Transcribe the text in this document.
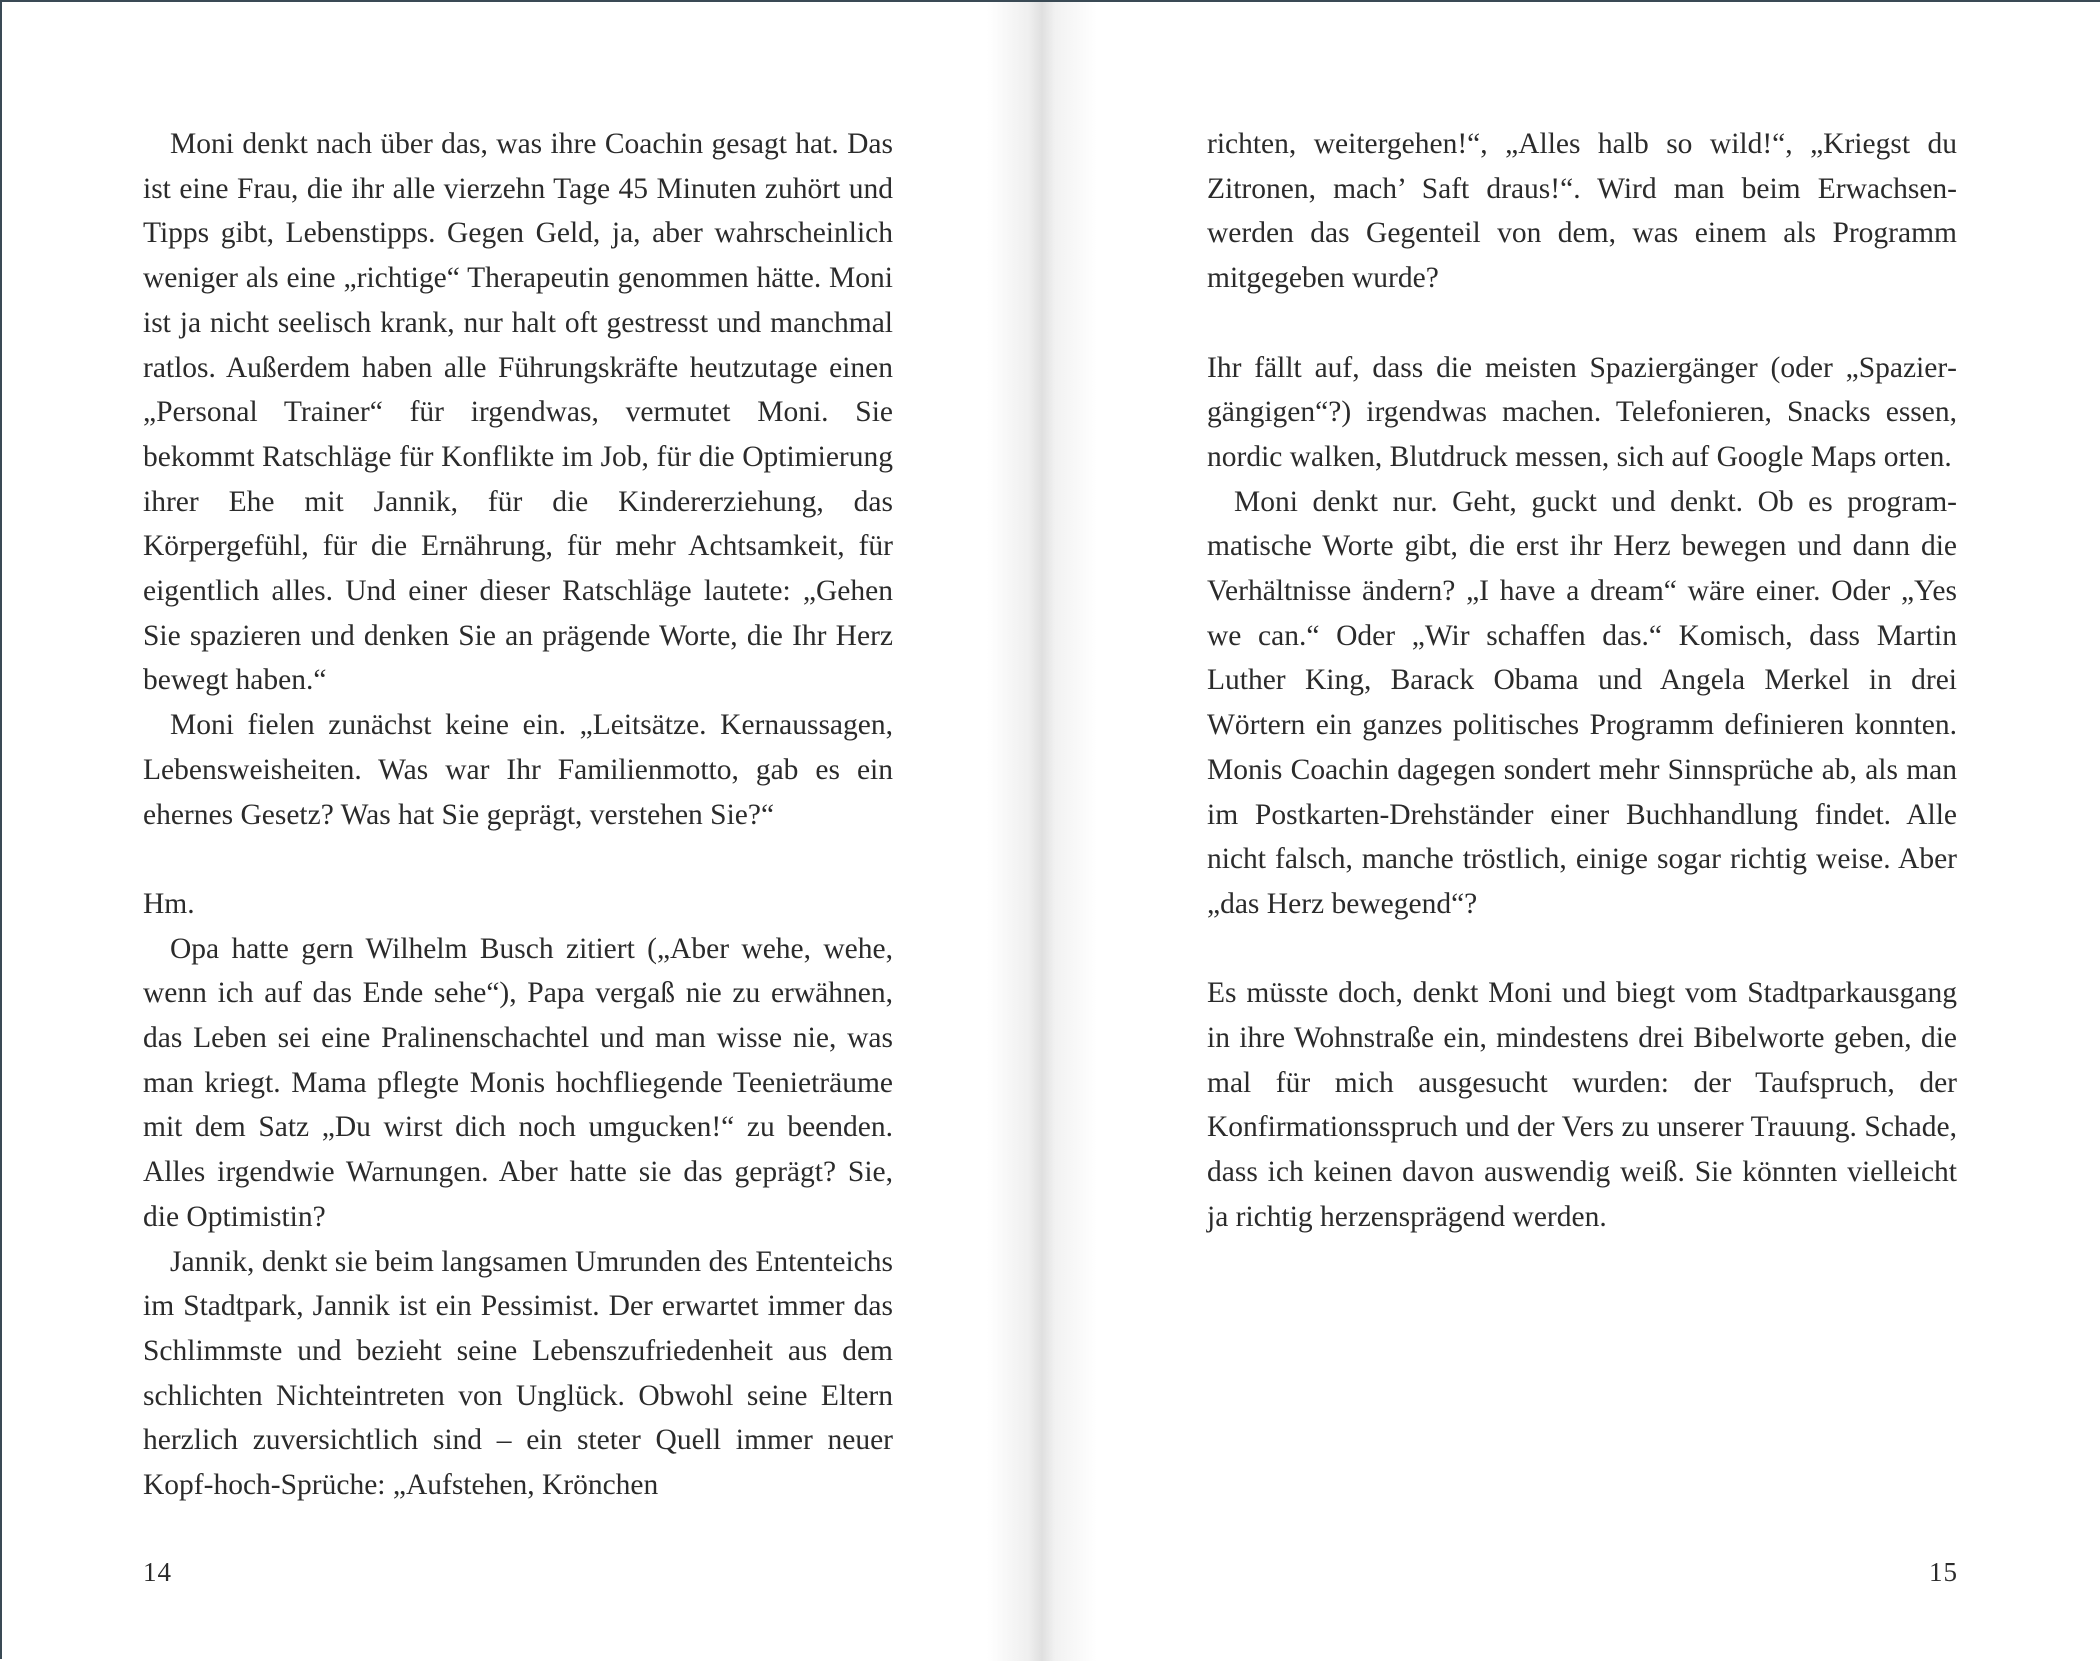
Moni denkt nach über das, was ihre Coachin gesagt hat. Das ist eine Frau, die ihr alle vierzehn Tage 45 Minuten zuhört und Tipps gibt, Lebenstipps. Gegen Geld, ja, aber wahrscheinlich weniger als eine „richtige“ Therapeutin genommen hätte. Moni ist ja nicht seelisch krank, nur halt oft gestresst und manchmal ratlos. Außerdem haben alle Führungskräfte heutzutage einen „Personal Trainer“ für irgendwas, vermutet Moni. Sie bekommt Ratschläge für Konflikte im Job, für die Optimierung ihrer Ehe mit Jannik, für die Kindererziehung, das Körpergefühl, für die Ernährung, für mehr Achtsamkeit, für eigentlich alles. Und einer dieser Ratschläge lautete: „Gehen Sie spazieren und denken Sie an prägende Worte, die Ihr Herz bewegt haben.“

Moni fielen zunächst keine ein. „Leitsätze. Kernaussagen, Lebensweisheiten. Was war Ihr Familienmotto, gab es ein ehernes Gesetz? Was hat Sie geprägt, verstehen Sie?“

Hm.

Opa hatte gern Wilhelm Busch zitiert („Aber wehe, wehe, wenn ich auf das Ende sehe“), Papa vergaß nie zu erwähnen, das Leben sei eine Pralinenschachtel und man wisse nie, was man kriegt. Mama pflegte Monis hochfliegende Teenieträume mit dem Satz „Du wirst dich noch umgucken!“ zu beenden. Alles irgendwie Warnungen. Aber hatte sie das geprägt? Sie, die Optimistin?

Jannik, denkt sie beim langsamen Umrunden des Ententeichs im Stadtpark, Jannik ist ein Pessimist. Der erwartet immer das Schlimmste und bezieht seine Lebenszufriedenheit aus dem schlichten Nichteintreten von Unglück. Obwohl seine Eltern herzlich zuversichtlich sind – ein steter Quell immer neuer Kopf-hoch-Sprüche: „Aufstehen, Krönchen

14

richten, weitergehen!“, „Alles halb so wild!“, „Kriegst du Zitronen, mach’ Saft draus!“. Wird man beim Erwachsenwerden das Gegenteil von dem, was einem als Programm mitgegeben wurde?

Ihr fällt auf, dass die meisten Spaziergänger (oder „Spaziergängigen“?) irgendwas machen. Telefonieren, Snacks essen, nordic walken, Blutdruck messen, sich auf Google Maps orten.

Moni denkt nur. Geht, guckt und denkt. Ob es programmatische Worte gibt, die erst ihr Herz bewegen und dann die Verhältnisse ändern? „I have a dream“ wäre einer. Oder „Yes we can.“ Oder „Wir schaffen das.“ Komisch, dass Martin Luther King, Barack Obama und Angela Merkel in drei Wörtern ein ganzes politisches Programm definieren konnten. Monis Coachin dagegen sondert mehr Sinnsprüche ab, als man im Postkarten-Drehständer einer Buchhandlung findet. Alle nicht falsch, manche tröstlich, einige sogar richtig weise. Aber „das Herz bewegend“?

Es müsste doch, denkt Moni und biegt vom Stadtparkausgang in ihre Wohnstraße ein, mindestens drei Bibelworte geben, die mal für mich ausgesucht wurden: der Taufspruch, der Konfirmationsspruch und der Vers zu unserer Trauung. Schade, dass ich keinen davon auswendig weiß. Sie könnten vielleicht ja richtig herzensprägend werden.

15
